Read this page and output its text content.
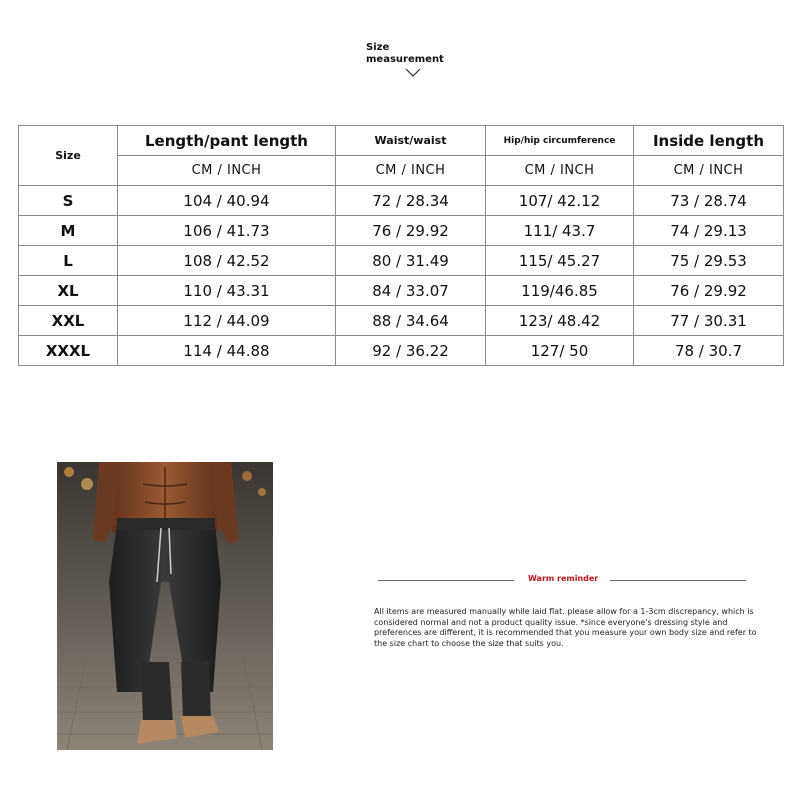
Size
measurement
Size	Length/pant length	Waist/waist	Hip/hip circumference	Inside length
	CM / INCH	CM / INCH	CM / INCH	CM / INCH
S	104 / 40.94	72 / 28.34	107/ 42.12	73 / 28.74
M	106 / 41.73	76 / 29.92	111/ 43.7	74 / 29.13
L	108 / 42.52	80 / 31.49	115/ 45.27	75 / 29.53
XL	110 / 43.31	84 / 33.07	119/46.85	76 / 29.92
XXL	112 / 44.09	88 / 34.64	123/ 48.42	77 / 30.31
XXXL	114 / 44.88	92 / 36.22	127/ 50	78 / 30.7
Warm reminder
All items are measured manually while laid flat. please allow for a 1-3cm discrepancy, which is considered normal and not a product quality issue. *since everyone's dressing style and preferences are different, it is recommended that you measure your own body size and refer to the size chart to choose the size that suits you.
